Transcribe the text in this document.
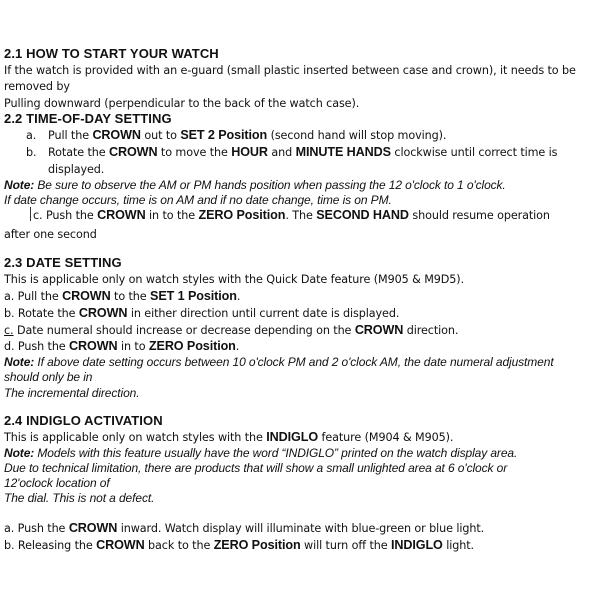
2.1 HOW TO START YOUR WATCH
If the watch is provided with an e-guard (small plastic inserted between case and crown), it needs to be
removed by
Pulling downward (perpendicular to the back of the watch case).
2.2 TIME-OF-DAY SETTING
a. Pull the CROWN out to SET 2 Position (second hand will stop moving).
b. Rotate the CROWN to move the HOUR and MINUTE HANDS clockwise until correct time is
displayed.
Note: Be sure to observe the AM or PM hands position when passing the 12 o'clock to 1 o'clock.
If date change occurs, time is on AM and if no date change, time is on PM.
c. Push the CROWN in to the ZERO Position. The SECOND HAND should resume operation
after one second
2.3 DATE SETTING
This is applicable only on watch styles with the Quick Date feature (M905 & M9D5).
a. Pull the CROWN to the SET 1 Position.
b. Rotate the CROWN in either direction until current date is displayed.
c. Date numeral should increase or decrease depending on the CROWN direction.
d. Push the CROWN in to ZERO Position.
Note: If above date setting occurs between 10 o'clock PM and 2 o'clock AM, the date numeral adjustment
should only be in
The incremental direction.
2.4 INDIGLO ACTIVATION
This is applicable only on watch styles with the INDIGLO feature (M904 & M905).
Note: Models with this feature usually have the word “INDIGLO” printed on the watch display area.
Due to technical limitation, there are products that will show a small unlighted area at 6 o'clock or
12'oclock location of
The dial. This is not a defect.
a. Push the CROWN inward. Watch display will illuminate with blue-green or blue light.
b. Releasing the CROWN back to the ZERO Position will turn off the INDIGLO light.
